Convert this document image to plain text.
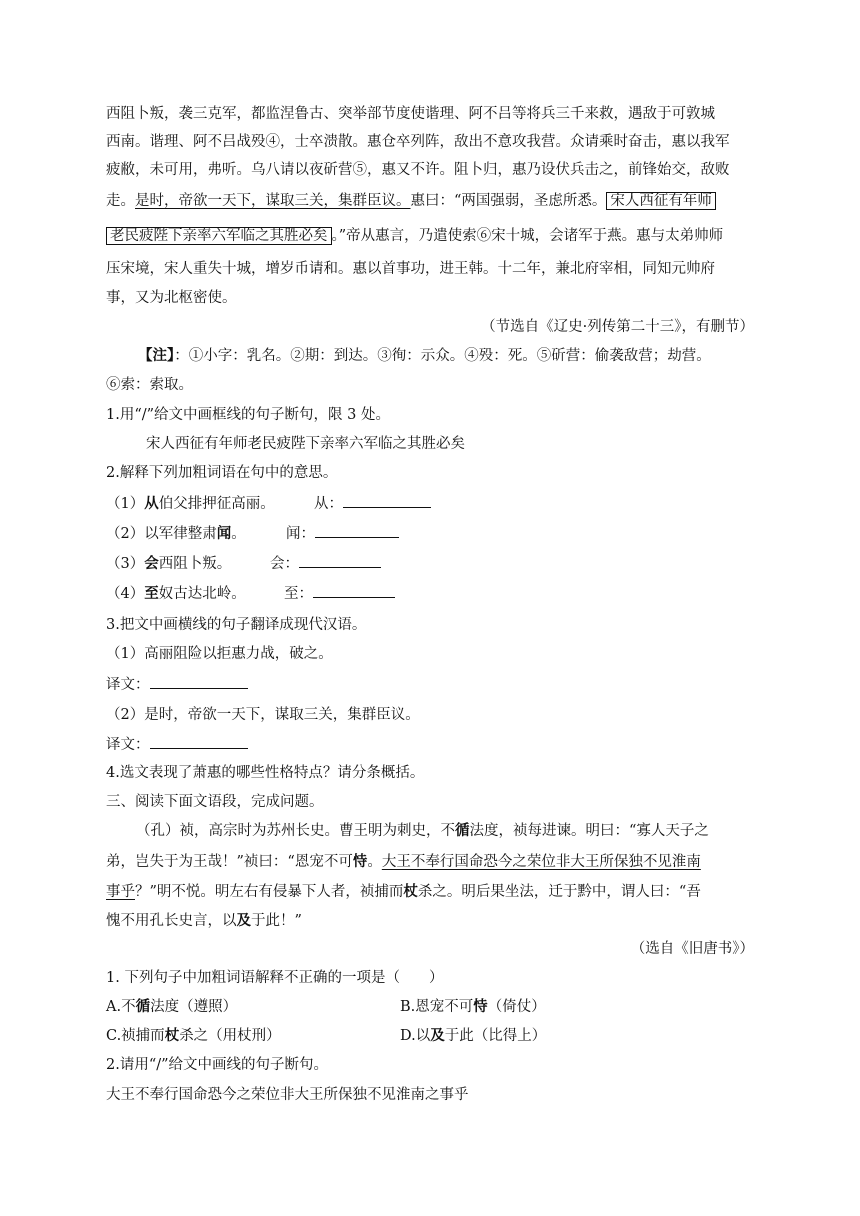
西阻卜叛，袭三克军，都监涅鲁古、突举部节度使谐理、阿不吕等将兵三千来救，遇敌于可敦城
西南。谐理、阿不吕战殁④，士卒溃散。惠仓卒列阵，敌出不意攻我营。众请乘时奋击，惠以我军
疲敝，未可用，弗听。乌八请以夜斫营⑤，惠又不许。阻卜归，惠乃设伏兵击之，前锋始交，敌败
走。是时，帝欲一天下，谋取三关，集群臣议。惠曰：“两国强弱，圣虑所悉。 宋人西征有年师
老民疲陛下亲率六军临之其胜必矣 。”帝从惠言，乃遣使索⑥宋十城，会诸军于燕。惠与太弟帅师
压宋境，宋人重失十城，增岁币请和。惠以首事功，进王韩。十二年，兼北府宰相，同知元帅府
事，又为北枢密使。
（节选自《辽史·列传第二十三》，有删节）
【注】：①小字：乳名。②期：到达。③徇：示众。④殁：死。⑤斫营：偷袭敌营；劫营。
⑥索：索取。
1.用“/”给文中画框线的句子断句，限 3 处。
宋人西征有年师老民疲陛下亲率六军临之其胜必矣
2.解释下列加粗词语在句中的意思。
（1）从伯父排押征高丽。	从：
（2）以军律整肃闻。	闻：
（3）会西阻卜叛。	会：
（4）至奴古达北岭。	至：
3.把文中画横线的句子翻译成现代汉语。
（1）高丽阻险以拒惠力战，破之。
译文：
（2）是时，帝欲一天下，谋取三关，集群臣议。
译文：
4.选文表现了萧惠的哪些性格特点？请分条概括。
三、阅读下面文语段，完成问题。
（孔）祯，高宗时为苏州长史。曹王明为刺史，不循法度，祯每进谏。明曰：“寡人天子之
弟，岂失于为王哉！”祯曰：“恩宠不可恃。大王不奉行国命恐今之荣位非大王所保独不见淮南
事乎？”明不悦。明左右有侵暴下人者，祯捕而杖杀之。明后果坐法，迁于黔中，谓人曰：“吾
愧不用孔长史言，以及于此！”
（选自《旧唐书》）
1. 下列句子中加粗词语解释不正确的一项是（　　）
A.不循法度（遵照）	B.恩宠不可恃（倚仗）
C.祯捕而杖杀之（用杖刑）	D.以及于此（比得上）
2.请用“/”给文中画线的句子断句。
大王不奉行国命恐今之荣位非大王所保独不见淮南之事乎
